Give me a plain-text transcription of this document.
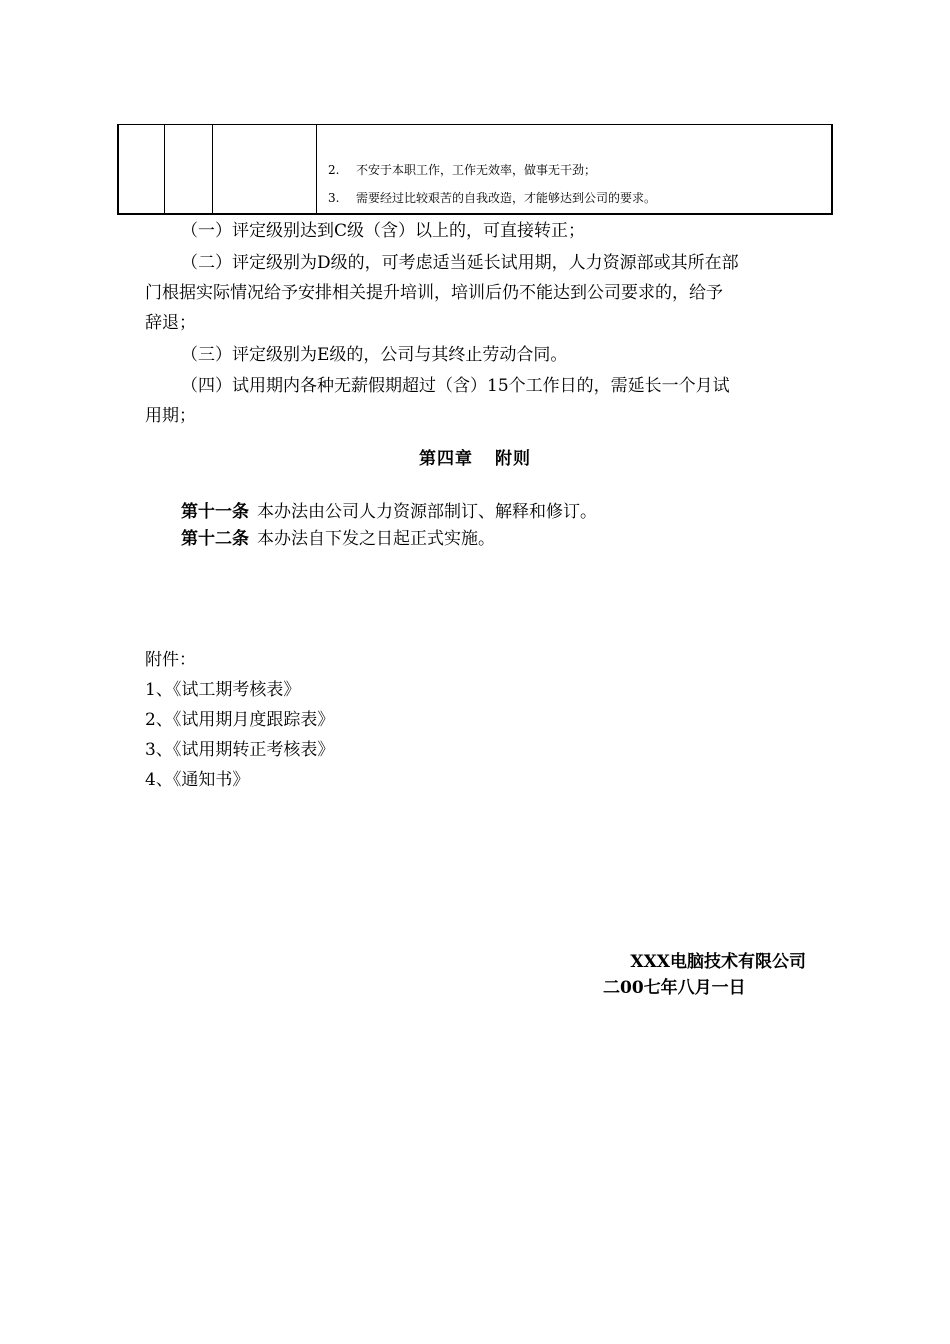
2. 不安于本职工作，工作无效率，做事无干劲；
3. 需要经过比较艰苦的自我改造，才能够达到公司的要求。
（一）评定级别达到C级（含）以上的，可直接转正；
（二）评定级别为D级的，可考虑适当延长试用期，人力资源部或其所在部
门根据实际情况给予安排相关提升培训，培训后仍不能达到公司要求的，给予
辞退；
（三）评定级别为E级的，公司与其终止劳动合同。
（四）试用期内各种无薪假期超过（含）15个工作日的，需延长一个月试
用期；
第四章 附则
第十一条 本办法由公司人力资源部制订、解释和修订。
第十二条 本办法自下发之日起正式实施。
附件：
1、《试工期考核表》
2、《试用期月度跟踪表》
3、《试用期转正考核表》
4、《通知书》
XXX电脑技术有限公司
二00七年八月一日
